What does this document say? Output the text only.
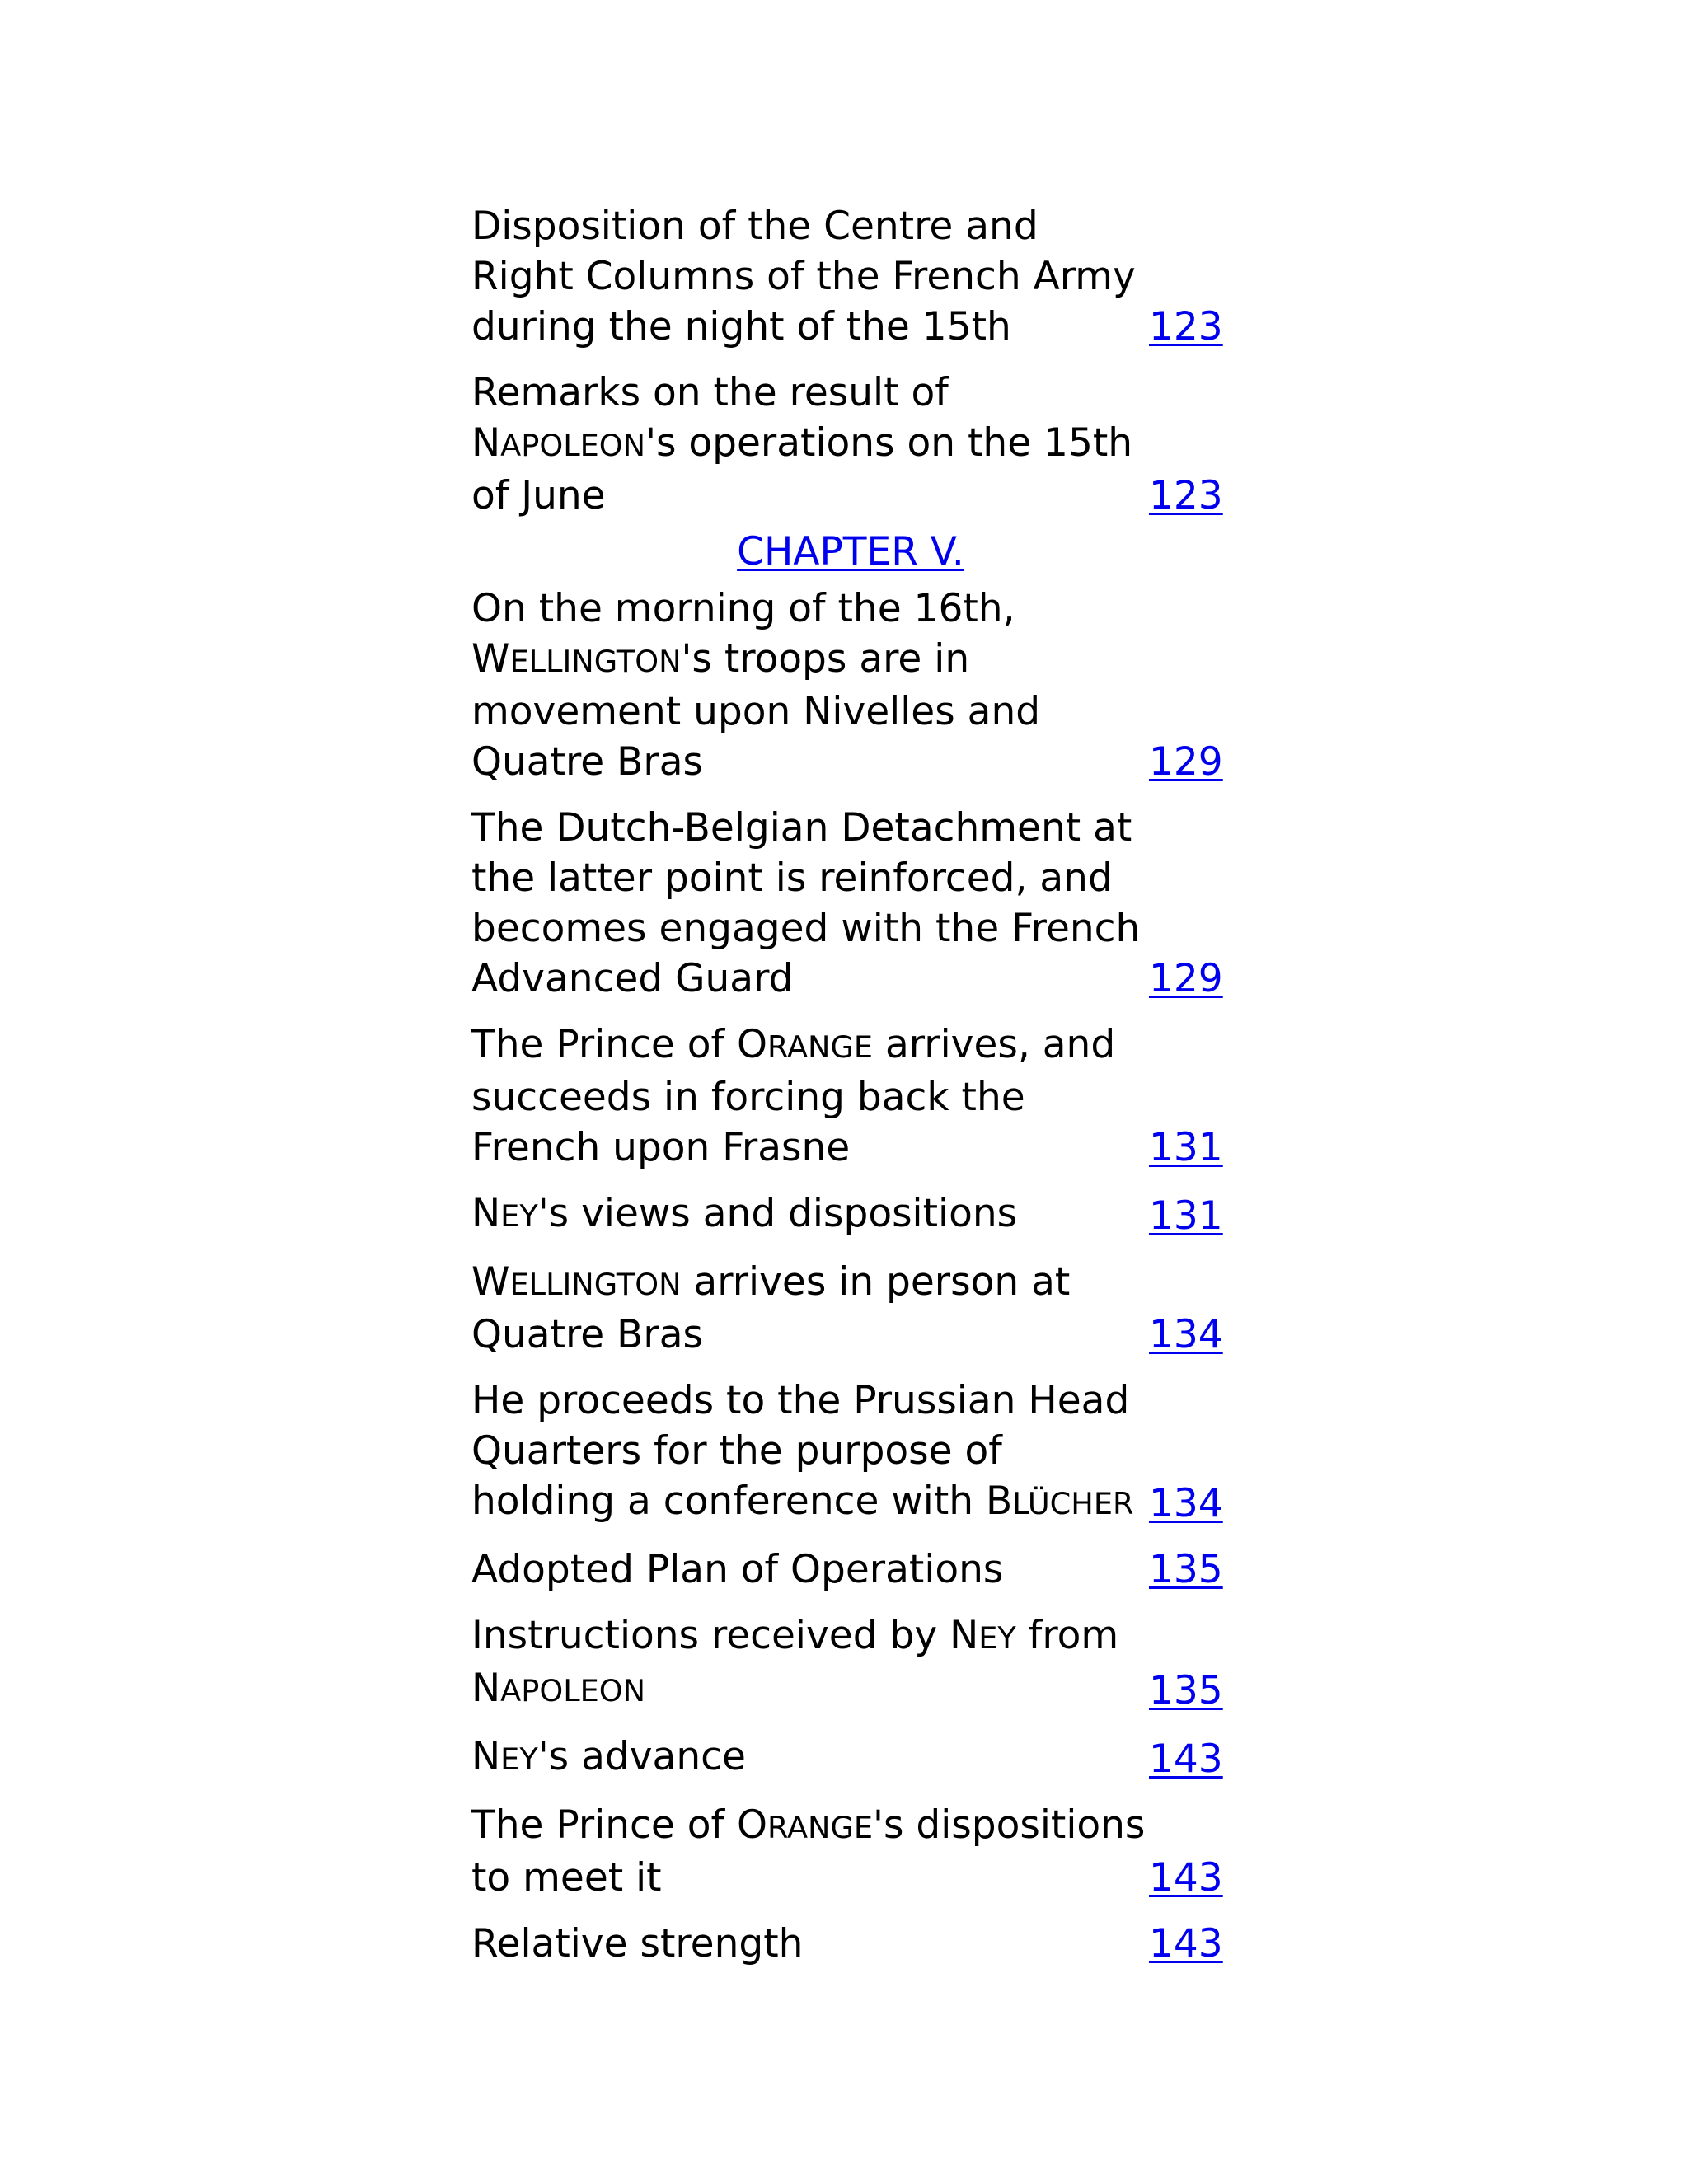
Disposition of the Centre and Right Columns of the French Army during the night of the 15th	123
Remarks on the result of NAPOLEON's operations on the 15th of June	123
CHAPTER V.
On the morning of the 16th, WELLINGTON's troops are in movement upon Nivelles and Quatre Bras	129
The Dutch-Belgian Detachment at the latter point is reinforced, and becomes engaged with the French Advanced Guard	129
The Prince of ORANGE arrives, and succeeds in forcing back the French upon Frasne	131
NEY's views and dispositions	131
WELLINGTON arrives in person at Quatre Bras	134
He proceeds to the Prussian Head Quarters for the purpose of holding a conference with BLÜCHER 134
Adopted Plan of Operations	135
Instructions received by NEY from NAPOLEON	135
NEY's advance	143
The Prince of ORANGE's dispositions to meet it	143
Relative strength	143
